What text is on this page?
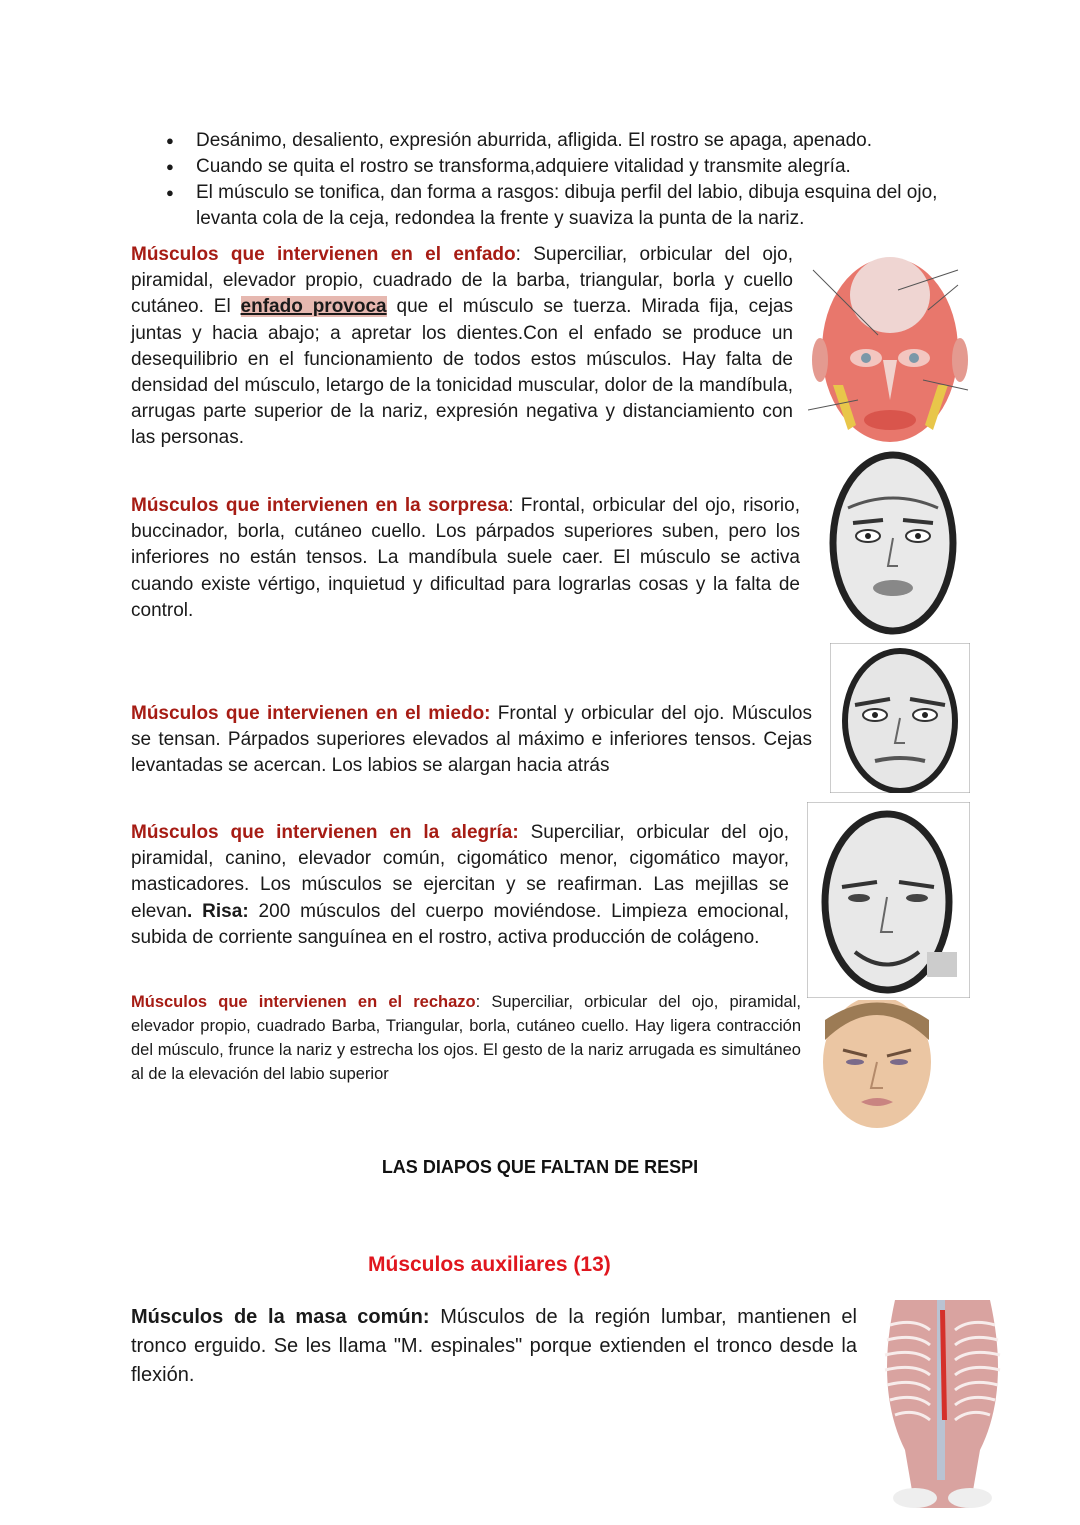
● Desánimo, desaliento, expresión aburrida, afligida. El rostro se apaga, apenado.
● Cuando se quita el rostro se transforma,adquiere vitalidad y transmite alegría.
● El músculo se tonifica, dan forma a rasgos: dibuja perfil del labio, dibuja esquina del ojo, levanta cola de la ceja, redondea la frente y suaviza la punta de la nariz.
Músculos que intervienen en el enfado: Superciliar, orbicular del ojo, piramidal, elevador propio, cuadrado de la barba, triangular, borla y cuello cutáneo. El enfado provoca que el músculo se tuerza. Mirada fija, cejas juntas y hacia abajo; a apretar los dientes.Con el enfado se produce un desequilibrio en el funcionamiento de todos estos músculos. Hay falta de densidad del músculo, letargo de la tonicidad muscular, dolor de la mandíbula, arrugas parte superior de la nariz, expresión negativa y distanciamiento con las personas.
Músculos que intervienen en la sorpresa: Frontal, orbicular del ojo, risorio, buccinador, borla, cutáneo cuello. Los párpados superiores suben, pero los inferiores no están tensos. La mandíbula suele caer. El músculo se activa cuando existe vértigo, inquietud y dificultad para lograrlas cosas y la falta de control.
Músculos que intervienen en el miedo: Frontal y orbicular del ojo. Músculos se tensan. Párpados superiores elevados al máximo e inferiores tensos. Cejas levantadas se acercan. Los labios se alargan hacia atrás
Músculos que intervienen en la alegría: Superciliar, orbicular del ojo, piramidal, canino, elevador común, cigomático menor, cigomático mayor, masticadores. Los músculos se ejercitan y se reafirman. Las mejillas se elevan. Risa: 200 músculos del cuerpo moviéndose. Limpieza emocional, subida de corriente sanguínea en el rostro, activa producción de colágeno.
Músculos que intervienen en el rechazo: Superciliar, orbicular del ojo, piramidal, elevador propio, cuadrado Barba, Triangular, borla, cutáneo cuello. Hay ligera contracción del músculo, frunce la nariz y estrecha los ojos. El gesto de la nariz arrugada es simultáneo al de la elevación del labio superior
LAS DIAPOS QUE FALTAN DE RESPI
Músculos auxiliares (13)
Músculos de la masa común: Músculos de la región lumbar, mantienen el tronco erguido. Se les llama "M. espinales" porque extienden el tronco desde la flexión.
